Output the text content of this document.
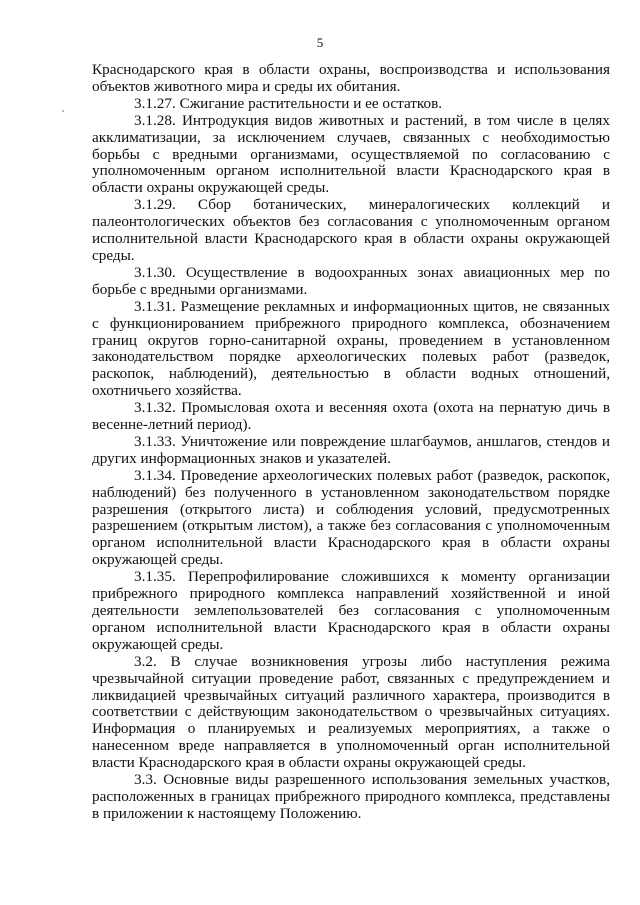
5

Краснодарского края в области охраны, воспроизводства и использования объектов животного мира и среды их обитания.

3.1.27. Сжигание растительности и ее остатков.

3.1.28. Интродукция видов животных и растений, в том числе в целях акклиматизации, за исключением случаев, связанных с необходимостью борьбы с вредными организмами, осуществляемой по согласованию с уполномоченным органом исполнительной власти Краснодарского края в области охраны окружающей среды.

3.1.29. Сбор ботанических, минералогических коллекций и палеонтологических объектов без согласования с уполномоченным органом исполнительной власти Краснодарского края в области охраны окружающей среды.

3.1.30. Осуществление в водоохранных зонах авиационных мер по борьбе с вредными организмами.

3.1.31. Размещение рекламных и информационных щитов, не связанных с функционированием прибрежного природного комплекса, обозначением границ округов горно-санитарной охраны, проведением в установленном законодательством порядке археологических полевых работ (разведок, раскопок, наблюдений), деятельностью в области водных отношений, охотничьего хозяйства.

3.1.32. Промысловая охота и весенняя охота (охота на пернатую дичь в весенне-летний период).

3.1.33. Уничтожение или повреждение шлагбаумов, аншлагов, стендов и других информационных знаков и указателей.

3.1.34. Проведение археологических полевых работ (разведок, раскопок, наблюдений) без полученного в установленном законодательством порядке разрешения (открытого листа) и соблюдения условий, предусмотренных разрешением (открытым листом), а также без согласования с уполномоченным органом исполнительной власти Краснодарского края в области охраны окружающей среды.

3.1.35. Перепрофилирование сложившихся к моменту организации прибрежного природного комплекса направлений хозяйственной и иной деятельности землепользователей без согласования с уполномоченным органом исполнительной власти Краснодарского края в области охраны окружающей среды.

3.2. В случае возникновения угрозы либо наступления режима чрезвычайной ситуации проведение работ, связанных с предупреждением и ликвидацией чрезвычайных ситуаций различного характера, производится в соответствии с действующим законодательством о чрезвычайных ситуациях. Информация о планируемых и реализуемых мероприятиях, а также о нанесенном вреде направляется в уполномоченный орган исполнительной власти Краснодарского края в области охраны окружающей среды.

3.3. Основные виды разрешенного использования земельных участков, расположенных в границах прибрежного природного комплекса, представлены в приложении к настоящему Положению.
